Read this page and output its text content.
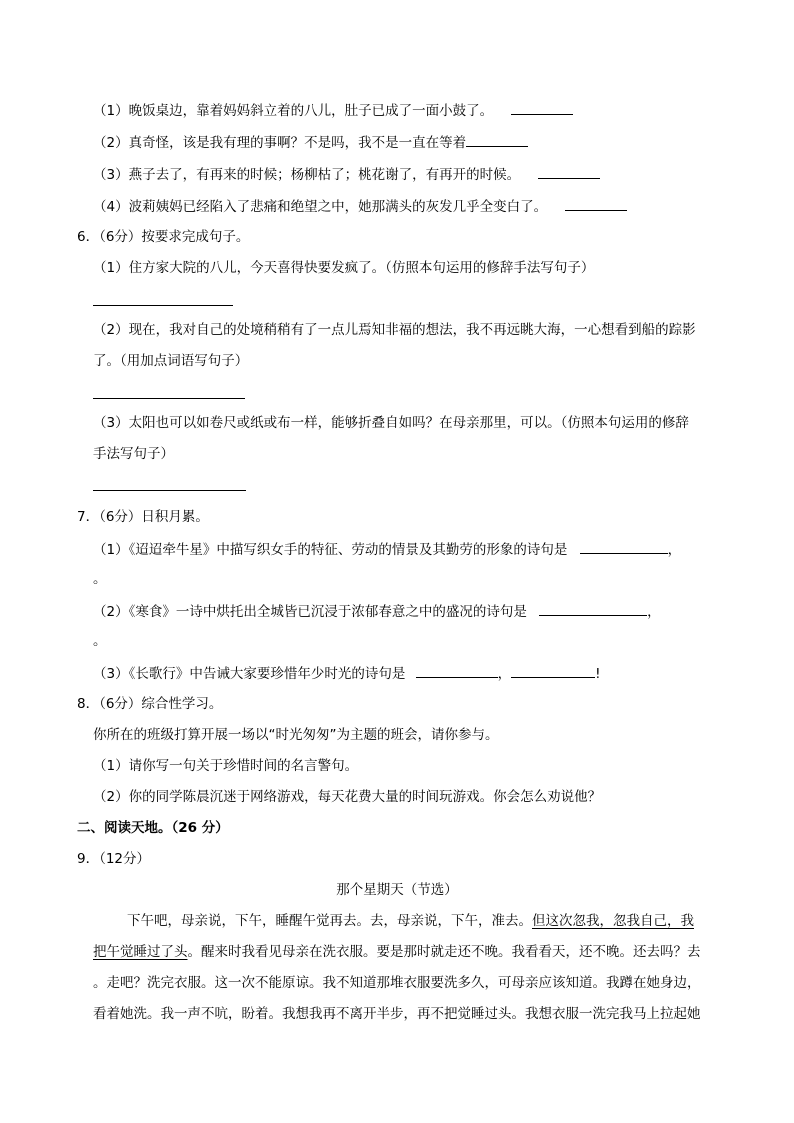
（1）晚饭桌边，靠着妈妈斜立着的八儿，肚子已成了一面小鼓了。
（2）真奇怪，该是我有理的事啊？不是吗，我不是一直在等着
（3）燕子去了，有再来的时候；杨柳枯了；桃花谢了，有再开的时候。
（4）波莉姨妈已经陷入了悲痛和绝望之中，她那满头的灰发几乎全变白了。
6．（6分）按要求完成句子。
（1）住方家大院的八儿，今天喜得快要发疯了。（仿照本句运用的修辞手法写句子）
（2）现在，我对自己的处境稍稍有了一点儿焉知非福的想法，我不再远眺大海，一心想看到船的踪影
了。（用加点词语写句子）
（3）太阳也可以如卷尺或纸或布一样，能够折叠自如吗？在母亲那里，可以。（仿照本句运用的修辞
手法写句子）
7．（6分）日积月累。
（1）《迢迢牵牛星》中描写织女手的特征、劳动的情景及其勤劳的形象的诗句是	，
。
（2）《寒食》一诗中烘托出全城皆已沉浸于浓郁春意之中的盛况的诗句是	，
。
（3）《长歌行》中告诫大家要珍惜年少时光的诗句是	，	!
8．（6分）综合性学习。
你所在的班级打算开展一场以“时光匆匆”为主题的班会，请你参与。
（1）请你写一句关于珍惜时间的名言警句。
（2）你的同学陈晨沉迷于网络游戏，每天花费大量的时间玩游戏。你会怎么劝说他？
二、阅读天地。（26 分）
9．（12分）
那个星期天（节选）
下午吧，母亲说，下午，睡醒午觉再去。去，母亲说，下午，准去。但这次忽我，忽我自己，我
把午觉睡过了头。醒来时我看见母亲在洗衣服。要是那时就走还不晚。我看看天，还不晚。还去吗？去
。走吧？洗完衣服。这一次不能原谅。我不知道那堆衣服要洗多久，可母亲应该知道。我蹲在她身边，
看着她洗。我一声不吭，盼着。我想我再不离开半步，再不把觉睡过头。我想衣服一洗完我马上拉起她
